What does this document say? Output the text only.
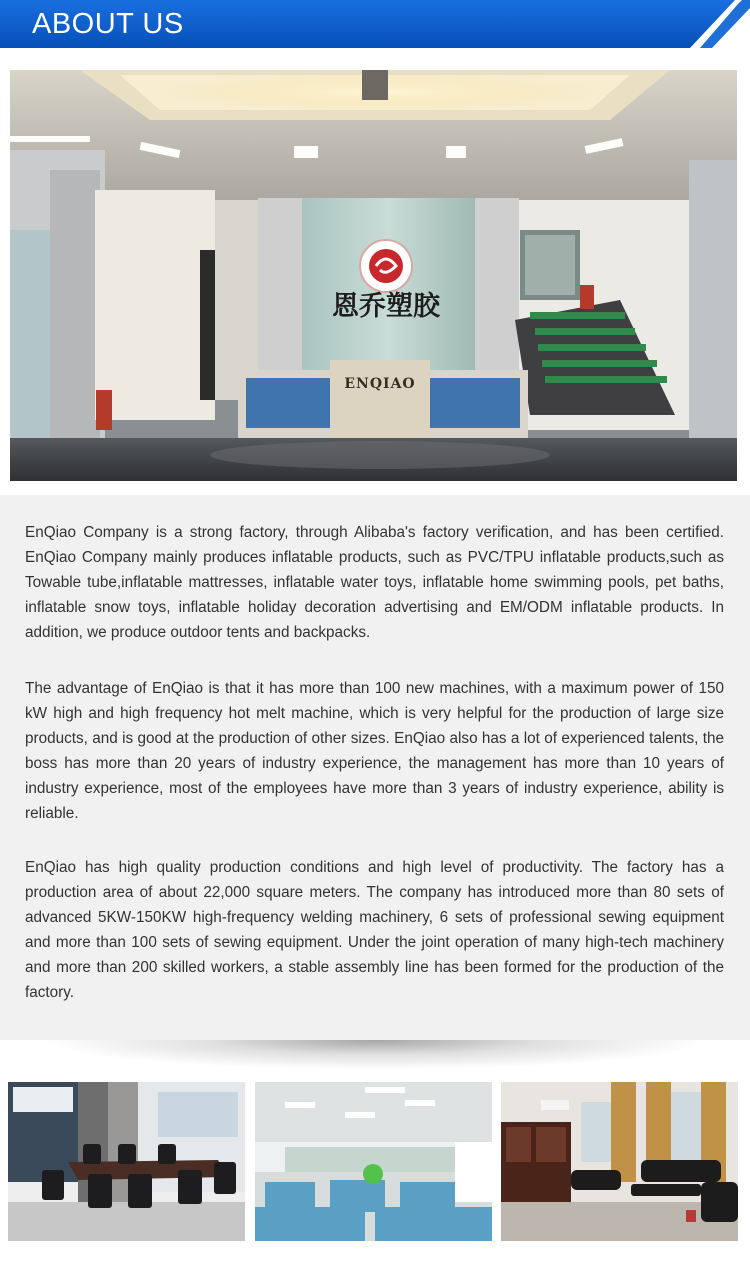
ABOUT US
恩乔塑胶
ENQIAO

EnQiao Company is a strong factory, through Alibaba's factory verification, and has been certified. EnQiao Company mainly produces inflatable products, such as PVC/TPU inflatable products,such as Towable tube,inflatable mattresses, inflatable water toys, inflatable home swimming pools, pet baths, inflatable snow toys, inflatable holiday decoration advertising and EM/ODM inflatable products. In addition, we produce outdoor tents and backpacks.

The advantage of EnQiao is that it has more than 100 new machines, with a maximum power of 150 kW high and high frequency hot melt machine, which is very helpful for the production of large size products, and is good at the production of other sizes. EnQiao also has a lot of experienced talents, the boss has more than 20 years of industry experience, the management has more than 10 years of industry experience, most of the employees have more than 3 years of industry experience, ability is reliable.

EnQiao has high quality production conditions and high level of productivity. The factory has a production area of about 22,000 square meters. The company has introduced more than 80 sets of advanced 5KW-150KW high-frequency welding machinery, 6 sets of professional sewing equipment and more than 100 sets of sewing equipment. Under the joint operation of many high-tech machinery and more than 200 skilled workers, a stable assembly line has been formed for the production of the factory.
